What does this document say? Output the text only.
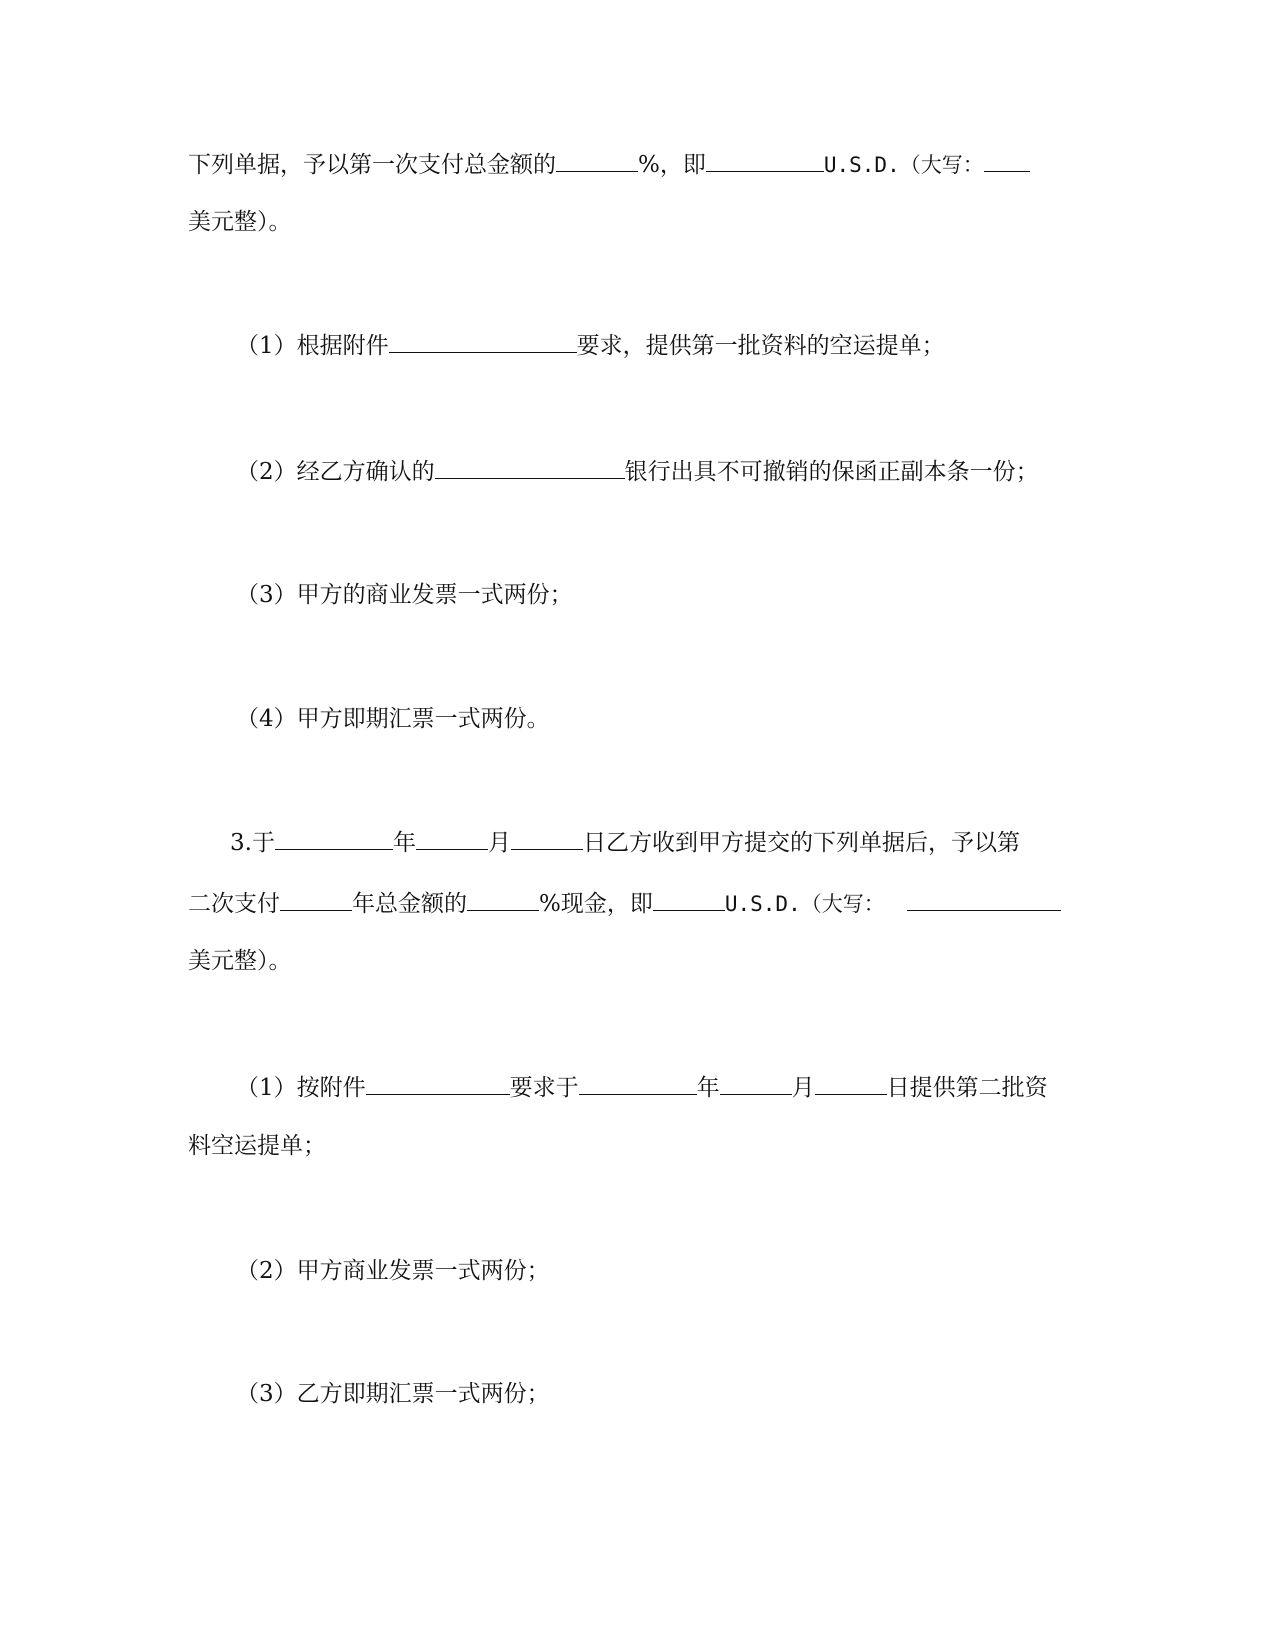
下列单据，予以第一次支付总金额的	%，即	U.S.D.（大写：
美元整）。
（1）根据附件	要求，提供第一批资料的空运提单；
（2）经乙方确认的	银行出具不可撤销的保函正副本条一份；
（3）甲方的商业发票一式两份；
（4）甲方即期汇票一式两份。
3.于	年	月	日乙方收到甲方提交的下列单据后，予以第
二次支付	年总金额的	%现金，即	U.S.D.（大写：
美元整）。
（1）按附件	要求于	年	月	日提供第二批资
料空运提单；
（2）甲方商业发票一式两份；
（3）乙方即期汇票一式两份；
